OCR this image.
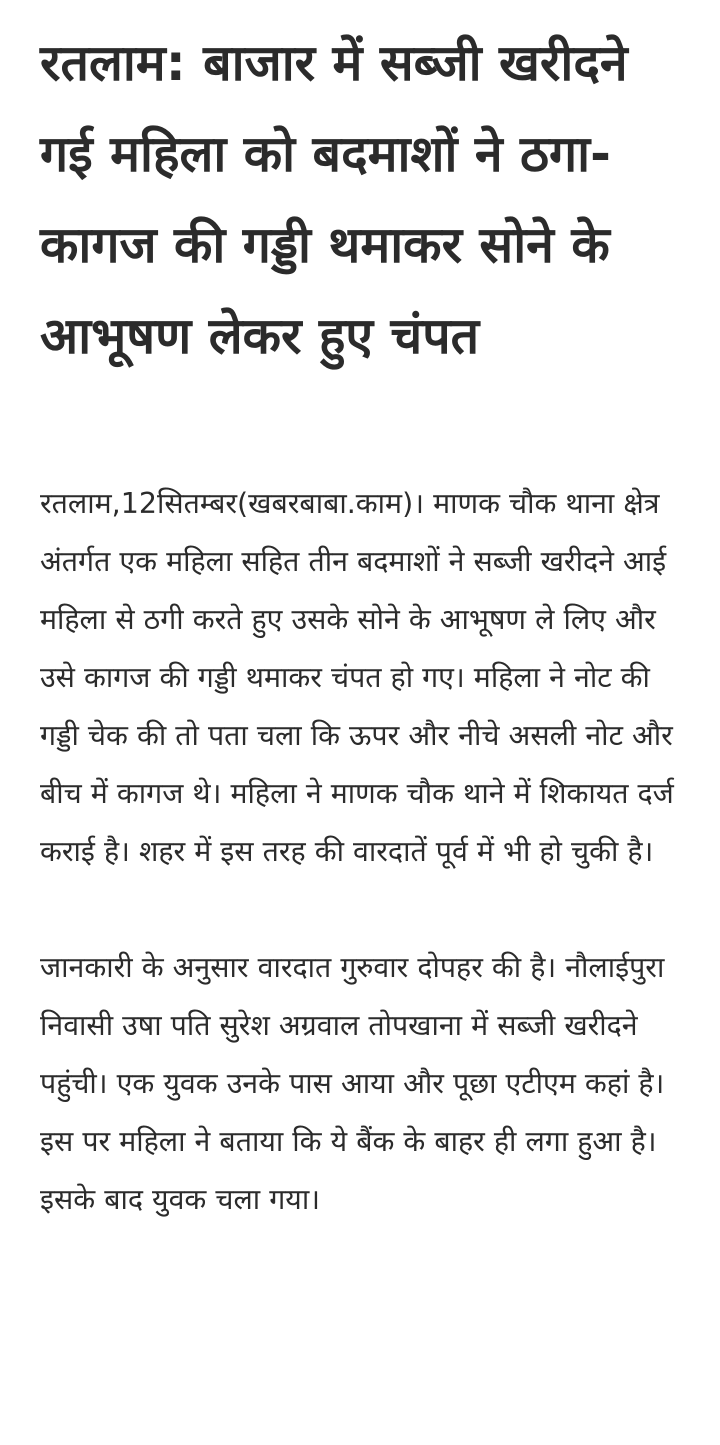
रतलाम: बाजार में सब्जी खरीदने गई महिला को बदमाशों ने ठगा-कागज की गड्डी थमाकर सोने के आभूषण लेकर हुए चंपत

रतलाम,12सितम्बर(खबरबाबा.काम)। माणक चौक थाना क्षेत्र अंतर्गत एक महिला सहित तीन बदमाशों ने सब्जी खरीदने आई महिला से ठगी करते हुए उसके सोने के आभूषण ले लिए और उसे कागज की गड्डी थमाकर चंपत हो गए। महिला ने नोट की गड्डी चेक की तो पता चला कि ऊपर और नीचे असली नोट और बीच में कागज थे। महिला ने माणक चौक थाने में शिकायत दर्ज कराई है। शहर में इस तरह की वारदातें पूर्व में भी हो चुकी है।

जानकारी के अनुसार वारदात गुरुवार दोपहर की है। नौलाईपुरा निवासी उषा पति सुरेश अग्रवाल तोपखाना में सब्जी खरीदने पहुंची। एक युवक उनके पास आया और पूछा एटीएम कहां है। इस पर महिला ने बताया कि ये बैंक के बाहर ही लगा हुआ है। इसके बाद युवक चला गया।
